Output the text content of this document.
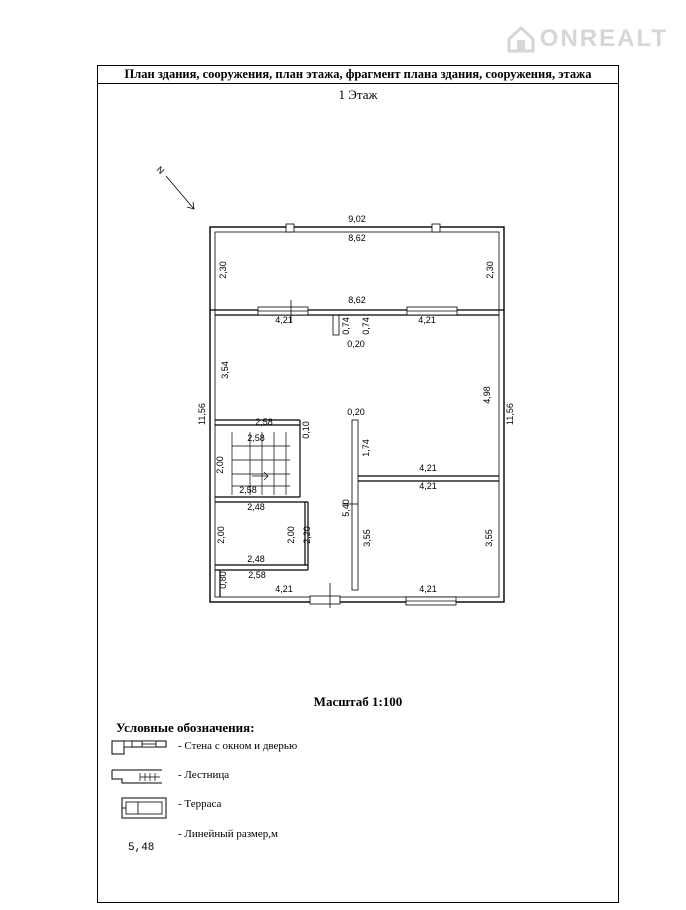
ONREALT
План здания, сооружения, план этажа, фрагмент плана здания, сооружения, этажа
1 Этаж
N
9,02
8,62
2,30	2,30
8,62
4,21	4,21
0,74 0,74
0,20
3,54
4,98
11,56	11,56
2,58
2,58	0,10
2,00
2,58
0,20
1,74
4,21
4,21
5,40
2,48
2,00	2,00 2,20
2,48
3,55	3,55
0,80 2,58
4,21	4,21
Масштаб 1:100
Условные обозначения:
- Стена с окном и дверью
- Лестница
- Терраса
- Линейный размер,м
5,48
